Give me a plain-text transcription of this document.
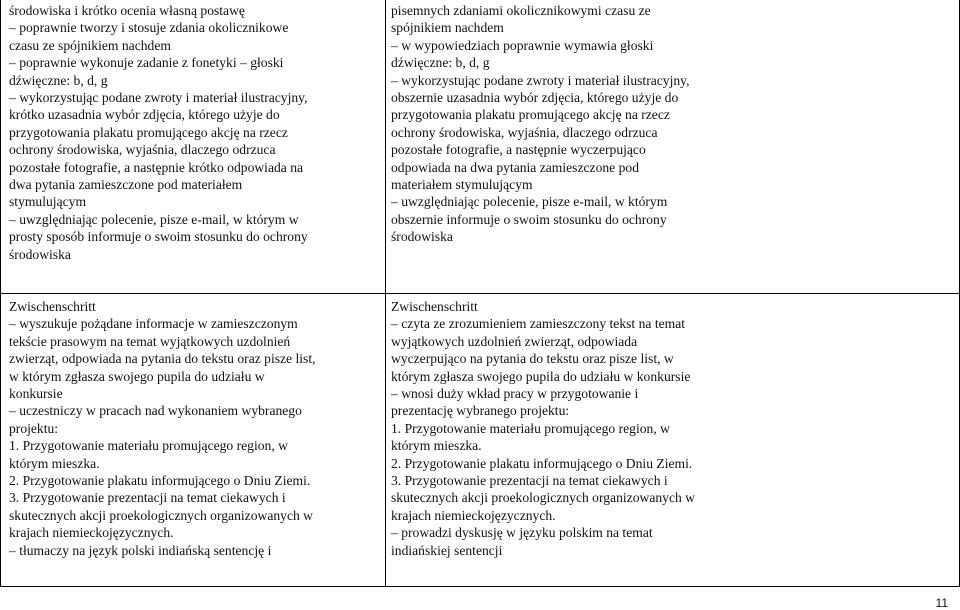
środowiska i krótko ocenia własną postawę
– poprawnie tworzy i stosuje zdania okolicznikowe
czasu ze spójnikiem nachdem
– poprawnie wykonuje zadanie z fonetyki – głoski
dźwięczne: b, d, g
– wykorzystując podane zwroty i materiał ilustracyjny,
krótko uzasadnia wybór zdjęcia, którego użyje do
przygotowania plakatu promującego akcję na rzecz
ochrony środowiska, wyjaśnia, dlaczego odrzuca
pozostałe fotografie, a następnie krótko odpowiada na
dwa pytania zamieszczone pod materiałem
stymulującym
– uwzględniając polecenie, pisze e-mail, w którym w
prosty sposób informuje o swoim stosunku do ochrony
środowiska
pisemnych zdaniami okolicznikowymi czasu ze
spójnikiem nachdem
– w wypowiedziach poprawnie wymawia głoski
dźwięczne: b, d, g
– wykorzystując podane zwroty i materiał ilustracyjny,
obszernie uzasadnia wybór zdjęcia, którego użyje do
przygotowania plakatu promującego akcję na rzecz
ochrony środowiska, wyjaśnia, dlaczego odrzuca
pozostałe fotografie, a następnie wyczerpująco
odpowiada na dwa pytania zamieszczone pod
materiałem stymulującym
– uwzględniając polecenie, pisze e-mail, w którym
obszernie informuje o swoim stosunku do ochrony
środowiska
Zwischenschritt
– wyszukuje pożądane informacje w zamieszczonym
tekście prasowym na temat wyjątkowych uzdolnień
zwierząt, odpowiada na pytania do tekstu oraz pisze list,
w którym zgłasza swojego pupila do udziału w
konkursie
– uczestniczy w pracach nad wykonaniem wybranego
projektu:
1. Przygotowanie materiału promującego region, w
którym mieszka.
2. Przygotowanie plakatu informującego o Dniu Ziemi.
3. Przygotowanie prezentacji na temat ciekawych i
skutecznych akcji proekologicznych organizowanych w
krajach niemieckojęzycznych.
– tłumaczy na język polski indiańską sentencję i
Zwischenschritt
– czyta ze zrozumieniem zamieszczony tekst na temat
wyjątkowych uzdolnień zwierząt, odpowiada
wyczerpująco na pytania do tekstu oraz pisze list, w
którym zgłasza swojego pupila do udziału w konkursie
– wnosi duży wkład pracy w przygotowanie i
prezentację wybranego projektu:
1. Przygotowanie materiału promującego region, w
którym mieszka.
2. Przygotowanie plakatu informującego o Dniu Ziemi.
3. Przygotowanie prezentacji na temat ciekawych i
skutecznych akcji proekologicznych organizowanych w
krajach niemieckojęzycznych.
– prowadzi dyskusję w języku polskim na temat
indiańskiej sentencji
11
